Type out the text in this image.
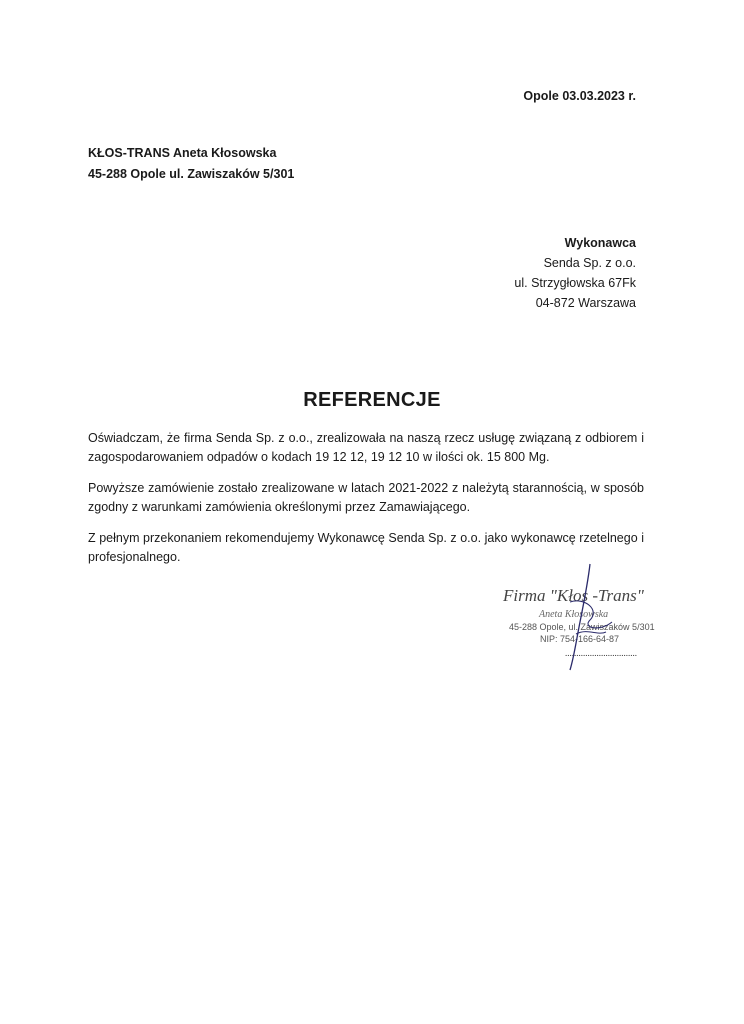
Opole 03.03.2023 r.
KŁOS-TRANS Aneta Kłosowska
45-288 Opole ul. Zawiszaków 5/301
Wykonawca
Senda Sp. z o.o.
ul. Strzygłowska 67Fk
04-872 Warszawa
REFERENCJE

Oświadczam, że firma Senda Sp. z o.o., zrealizowała na naszą rzecz usługę związaną z odbiorem i zagospodarowaniem odpadów o kodach 19 12 12, 19 12 10 w ilości ok. 15 800 Mg.

Powyższe zamówienie zostało zrealizowane w latach 2021-2022 z należytą starannością, w sposób zgodny z warunkami zamówienia określonymi przez Zamawiającego.

Z pełnym przekonaniem rekomendujemy Wykonawcę Senda Sp. z o.o. jako wykonawcę rzetelnego i profesjonalnego.

Firma "Kłos -Trans"
Aneta Kłosowska
45-288 Opole, ul. Zawiszaków 5/301
NIP: 754-166-64-87
................................
